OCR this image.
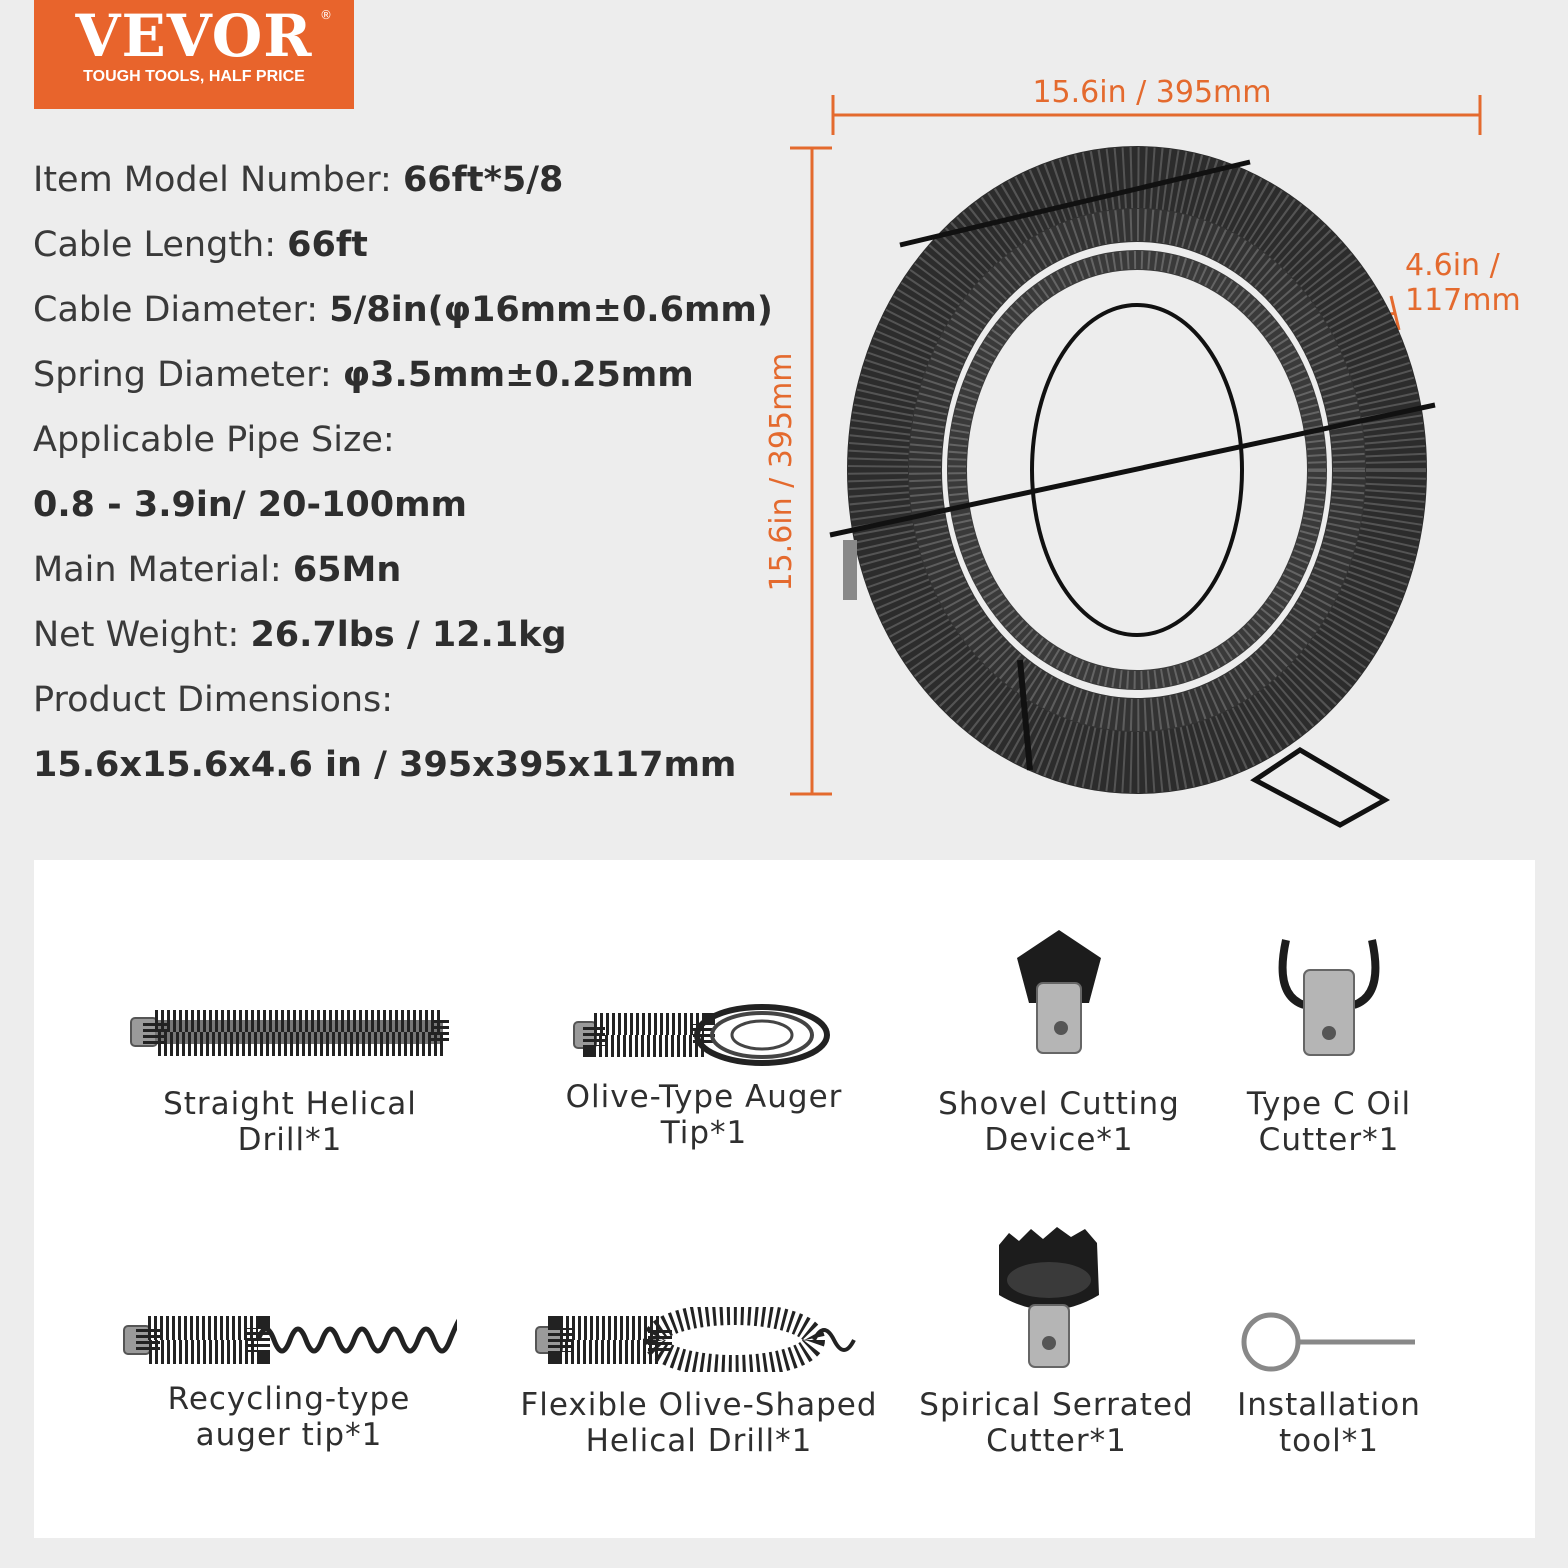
VEVOR ®
TOUGH TOOLS, HALF PRICE
Item Model Number: 66ft*5/8
Cable Length: 66ft
Cable Diameter: 5/8in(φ16mm±0.6mm)
Spring Diameter: φ3.5mm±0.25mm
Applicable Pipe Size:
0.8 - 3.9in/ 20-100mm
Main Material: 65Mn
Net Weight: 26.7lbs / 12.1kg
Product Dimensions:
15.6x15.6x4.6 in / 395x395x117mm
15.6in / 395mm
15.6in / 395mm
4.6in /
117mm
Straight Helical
Drill*1
Olive-Type Auger
Tip*1
Shovel Cutting
Device*1
Type C Oil
Cutter*1
Recycling-type
auger tip*1
Flexible Olive-Shaped
Helical Drill*1
Spirical Serrated
Cutter*1
Installation
tool*1
